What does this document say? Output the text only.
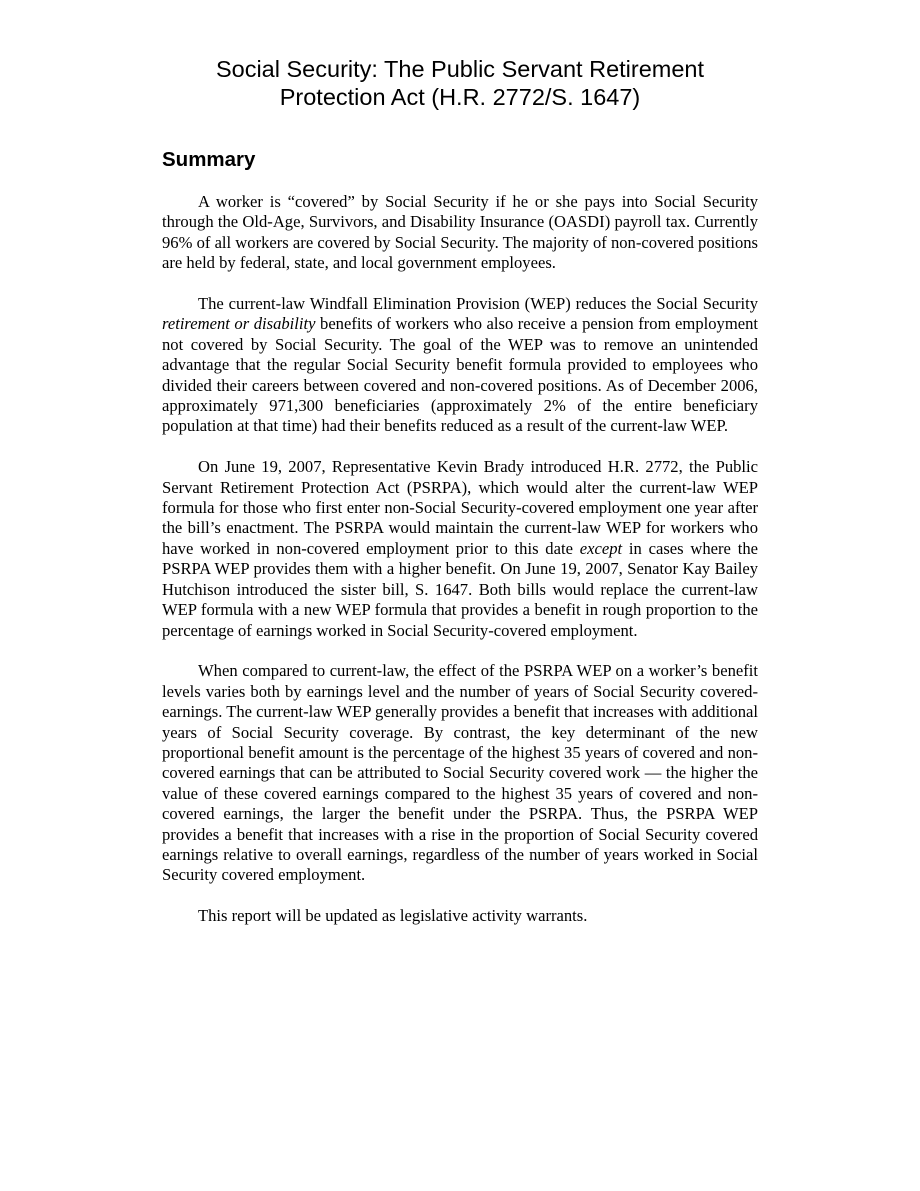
Social Security: The Public Servant Retirement
Protection Act (H.R. 2772/S. 1647)
Summary

A worker is “covered” by Social Security if he or she pays into Social Security through the Old-Age, Survivors, and Disability Insurance (OASDI) payroll tax. Currently 96% of all workers are covered by Social Security. The majority of non-covered positions are held by federal, state, and local government employees.

The current-law Windfall Elimination Provision (WEP) reduces the Social Security retirement or disability benefits of workers who also receive a pension from employment not covered by Social Security. The goal of the WEP was to remove an unintended advantage that the regular Social Security benefit formula provided to employees who divided their careers between covered and non-covered positions. As of December 2006, approximately 971,300 beneficiaries (approximately 2% of the entire beneficiary population at that time) had their benefits reduced as a result of the current-law WEP.

On June 19, 2007, Representative Kevin Brady introduced H.R. 2772, the Public Servant Retirement Protection Act (PSRPA), which would alter the current-law WEP formula for those who first enter non-Social Security-covered employment one year after the bill’s enactment. The PSRPA would maintain the current-law WEP for workers who have worked in non-covered employment prior to this date except in cases where the PSRPA WEP provides them with a higher benefit. On June 19, 2007, Senator Kay Bailey Hutchison introduced the sister bill, S. 1647. Both bills would replace the current-law WEP formula with a new WEP formula that provides a benefit in rough proportion to the percentage of earnings worked in Social Security-covered employment.

When compared to current-law, the effect of the PSRPA WEP on a worker’s benefit levels varies both by earnings level and the number of years of Social Security covered-earnings. The current-law WEP generally provides a benefit that increases with additional years of Social Security coverage. By contrast, the key determinant of the new proportional benefit amount is the percentage of the highest 35 years of covered and non-covered earnings that can be attributed to Social Security covered work — the higher the value of these covered earnings compared to the highest 35 years of covered and non-covered earnings, the larger the benefit under the PSRPA. Thus, the PSRPA WEP provides a benefit that increases with a rise in the proportion of Social Security covered earnings relative to overall earnings, regardless of the number of years worked in Social Security covered employment.

This report will be updated as legislative activity warrants.
